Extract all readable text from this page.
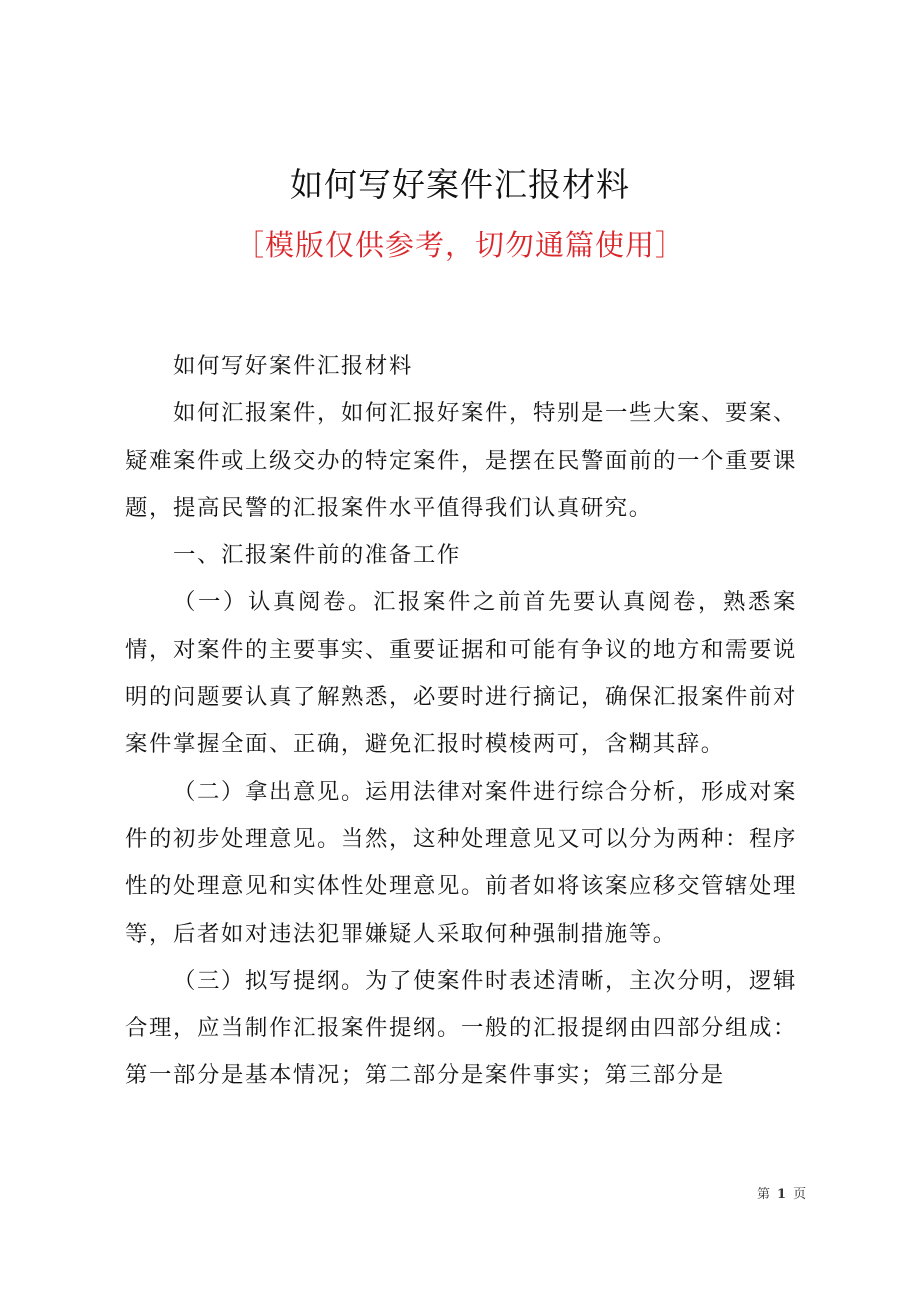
如何写好案件汇报材料
［模版仅供参考，切勿通篇使用］

如何写好案件汇报材料

如何汇报案件，如何汇报好案件，特别是一些大案、要案、疑难案件或上级交办的特定案件，是摆在民警面前的一个重要课题，提高民警的汇报案件水平值得我们认真研究。

一、汇报案件前的准备工作

（一）认真阅卷。汇报案件之前首先要认真阅卷，熟悉案情，对案件的主要事实、重要证据和可能有争议的地方和需要说明的问题要认真了解熟悉，必要时进行摘记，确保汇报案件前对案件掌握全面、正确，避免汇报时模棱两可，含糊其辞。

（二）拿出意见。运用法律对案件进行综合分析，形成对案件的初步处理意见。当然，这种处理意见又可以分为两种：程序性的处理意见和实体性处理意见。前者如将该案应移交管辖处理等，后者如对违法犯罪嫌疑人采取何种强制措施等。

（三）拟写提纲。为了使案件时表述清晰，主次分明，逻辑合理，应当制作汇报案件提纲。一般的汇报提纲由四部分组成：第一部分是基本情况；第二部分是案件事实；第三部分是

第 1 页
